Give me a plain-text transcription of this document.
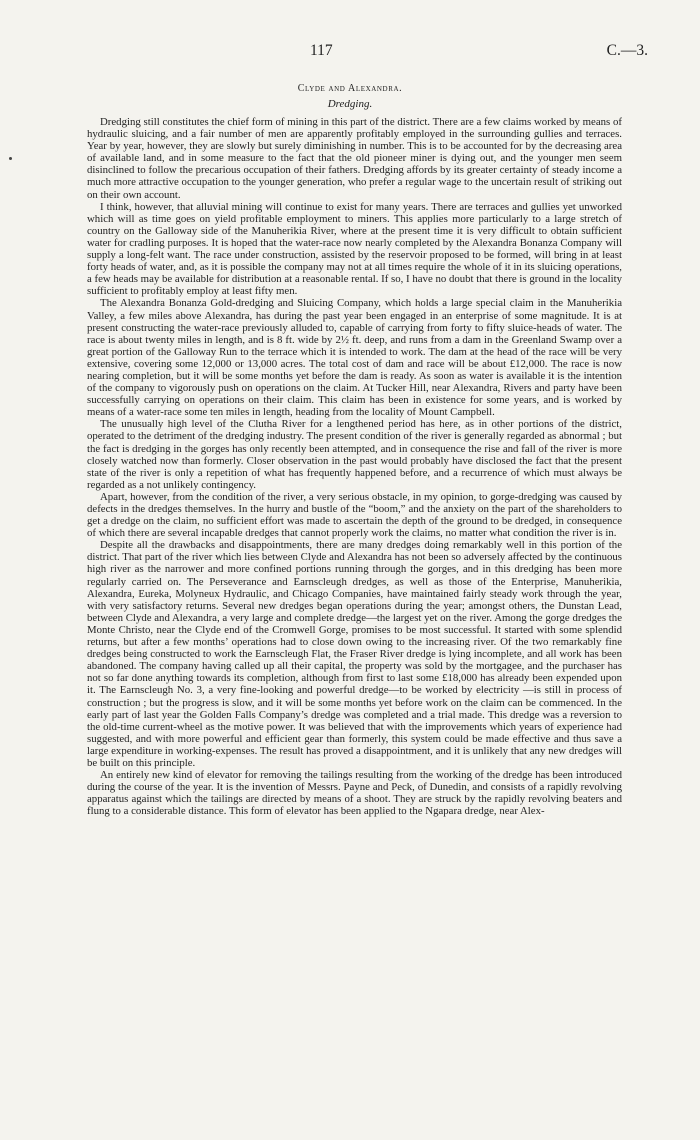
117	C.—3.
Clyde and Alexandra.
Dredging.

Dredging still constitutes the chief form of mining in this part of the district. There are a few claims worked by means of hydraulic sluicing, and a fair number of men are apparently profitably employed in the surrounding gullies and terraces. Year by year, however, they are slowly but surely diminishing in number. This is to be accounted for by the decreasing area of available land, and in some measure to the fact that the old pioneer miner is dying out, and the younger men seem disinclined to follow the precarious occupation of their fathers. Dredging affords by its greater certainty of steady income a much more attractive occupation to the younger generation, who prefer a regular wage to the uncertain result of striking out on their own account.

I think, however, that alluvial mining will continue to exist for many years. There are terraces and gullies yet unworked which will as time goes on yield profitable employment to miners. This applies more particularly to a large stretch of country on the Galloway side of the Manuherikia River, where at the present time it is very difficult to obtain sufficient water for cradling purposes. It is hoped that the water-race now nearly completed by the Alexandra Bonanza Company will supply a long-felt want. The race under construction, assisted by the reservoir proposed to be formed, will bring in at least forty heads of water, and, as it is possible the company may not at all times require the whole of it in its sluicing operations, a few heads may be available for distribution at a reasonable rental. If so, I have no doubt that there is ground in the locality sufficient to profitably employ at least fifty men.

The Alexandra Bonanza Gold-dredging and Sluicing Company, which holds a large special claim in the Manuherikia Valley, a few miles above Alexandra, has during the past year been engaged in an enterprise of some magnitude. It is at present constructing the water-race previously alluded to, capable of carrying from forty to fifty sluice-heads of water. The race is about twenty miles in length, and is 8 ft. wide by 2½ ft. deep, and runs from a dam in the Greenland Swamp over a great portion of the Galloway Run to the terrace which it is intended to work. The dam at the head of the race will be very extensive, covering some 12,000 or 13,000 acres. The total cost of dam and race will be about £12,000. The race is now nearing completion, but it will be some months yet before the dam is ready. As soon as water is available it is the intention of the company to vigorously push on operations on the claim. At Tucker Hill, near Alexandra, Rivers and party have been successfully carrying on operations on their claim. This claim has been in existence for some years, and is worked by means of a water-race some ten miles in length, heading from the locality of Mount Campbell.

The unusually high level of the Clutha River for a lengthened period has here, as in other portions of the district, operated to the detriment of the dredging industry. The present condition of the river is generally regarded as abnormal ; but the fact is dredging in the gorges has only recently been attempted, and in consequence the rise and fall of the river is more closely watched now than formerly. Closer observation in the past would probably have disclosed the fact that the present state of the river is only a repetition of what has frequently happened before, and a recurrence of which must always be regarded as a not unlikely contingency.

Apart, however, from the condition of the river, a very serious obstacle, in my opinion, to gorge-dredging was caused by defects in the dredges themselves. In the hurry and bustle of the “boom,” and the anxiety on the part of the shareholders to get a dredge on the claim, no sufficient effort was made to ascertain the depth of the ground to be dredged, in consequence of which there are several incapable dredges that cannot properly work the claims, no matter what condition the river is in.

Despite all the drawbacks and disappointments, there are many dredges doing remarkably well in this portion of the district. That part of the river which lies between Clyde and Alexandra has not been so adversely affected by the continuous high river as the narrower and more confined portions running through the gorges, and in this dredging has been more regularly carried on. The Perseverance and Earnscleugh dredges, as well as those of the Enterprise, Manuherikia, Alexandra, Eureka, Molyneux Hydraulic, and Chicago Companies, have maintained fairly steady work through the year, with very satisfactory returns. Several new dredges began operations during the year; amongst others, the Dunstan Lead, between Clyde and Alexandra, a very large and complete dredge—the largest yet on the river. Among the gorge dredges the Monte Christo, near the Clyde end of the Cromwell Gorge, promises to be most successful. It started with some splendid returns, but after a few months’ operations had to close down owing to the increasing river. Of the two remarkably fine dredges being constructed to work the Earnscleugh Flat, the Fraser River dredge is lying incomplete, and all work has been abandoned. The company having called up all their capital, the property was sold by the mortgagee, and the purchaser has not so far done anything towards its completion, although from first to last some £18,000 has already been expended upon it. The Earnscleugh No. 3, a very fine-looking and powerful dredge—to be worked by electricity —is still in process of construction ; but the progress is slow, and it will be some months yet before work on the claim can be commenced. In the early part of last year the Golden Falls Company’s dredge was completed and a trial made. This dredge was a reversion to the old-time current-wheel as the motive power. It was believed that with the improvements which years of experience had suggested, and with more powerful and efficient gear than formerly, this system could be made effective and thus save a large expenditure in working-expenses. The result has proved a disappointment, and it is unlikely that any new dredges will be built on this principle.

An entirely new kind of elevator for removing the tailings resulting from the working of the dredge has been introduced during the course of the year. It is the invention of Messrs. Payne and Peck, of Dunedin, and consists of a rapidly revolving apparatus against which the tailings are directed by means of a shoot. They are struck by the rapidly revolving beaters and flung to a considerable distance. This form of elevator has been applied to the Ngapara dredge, near Alex-
